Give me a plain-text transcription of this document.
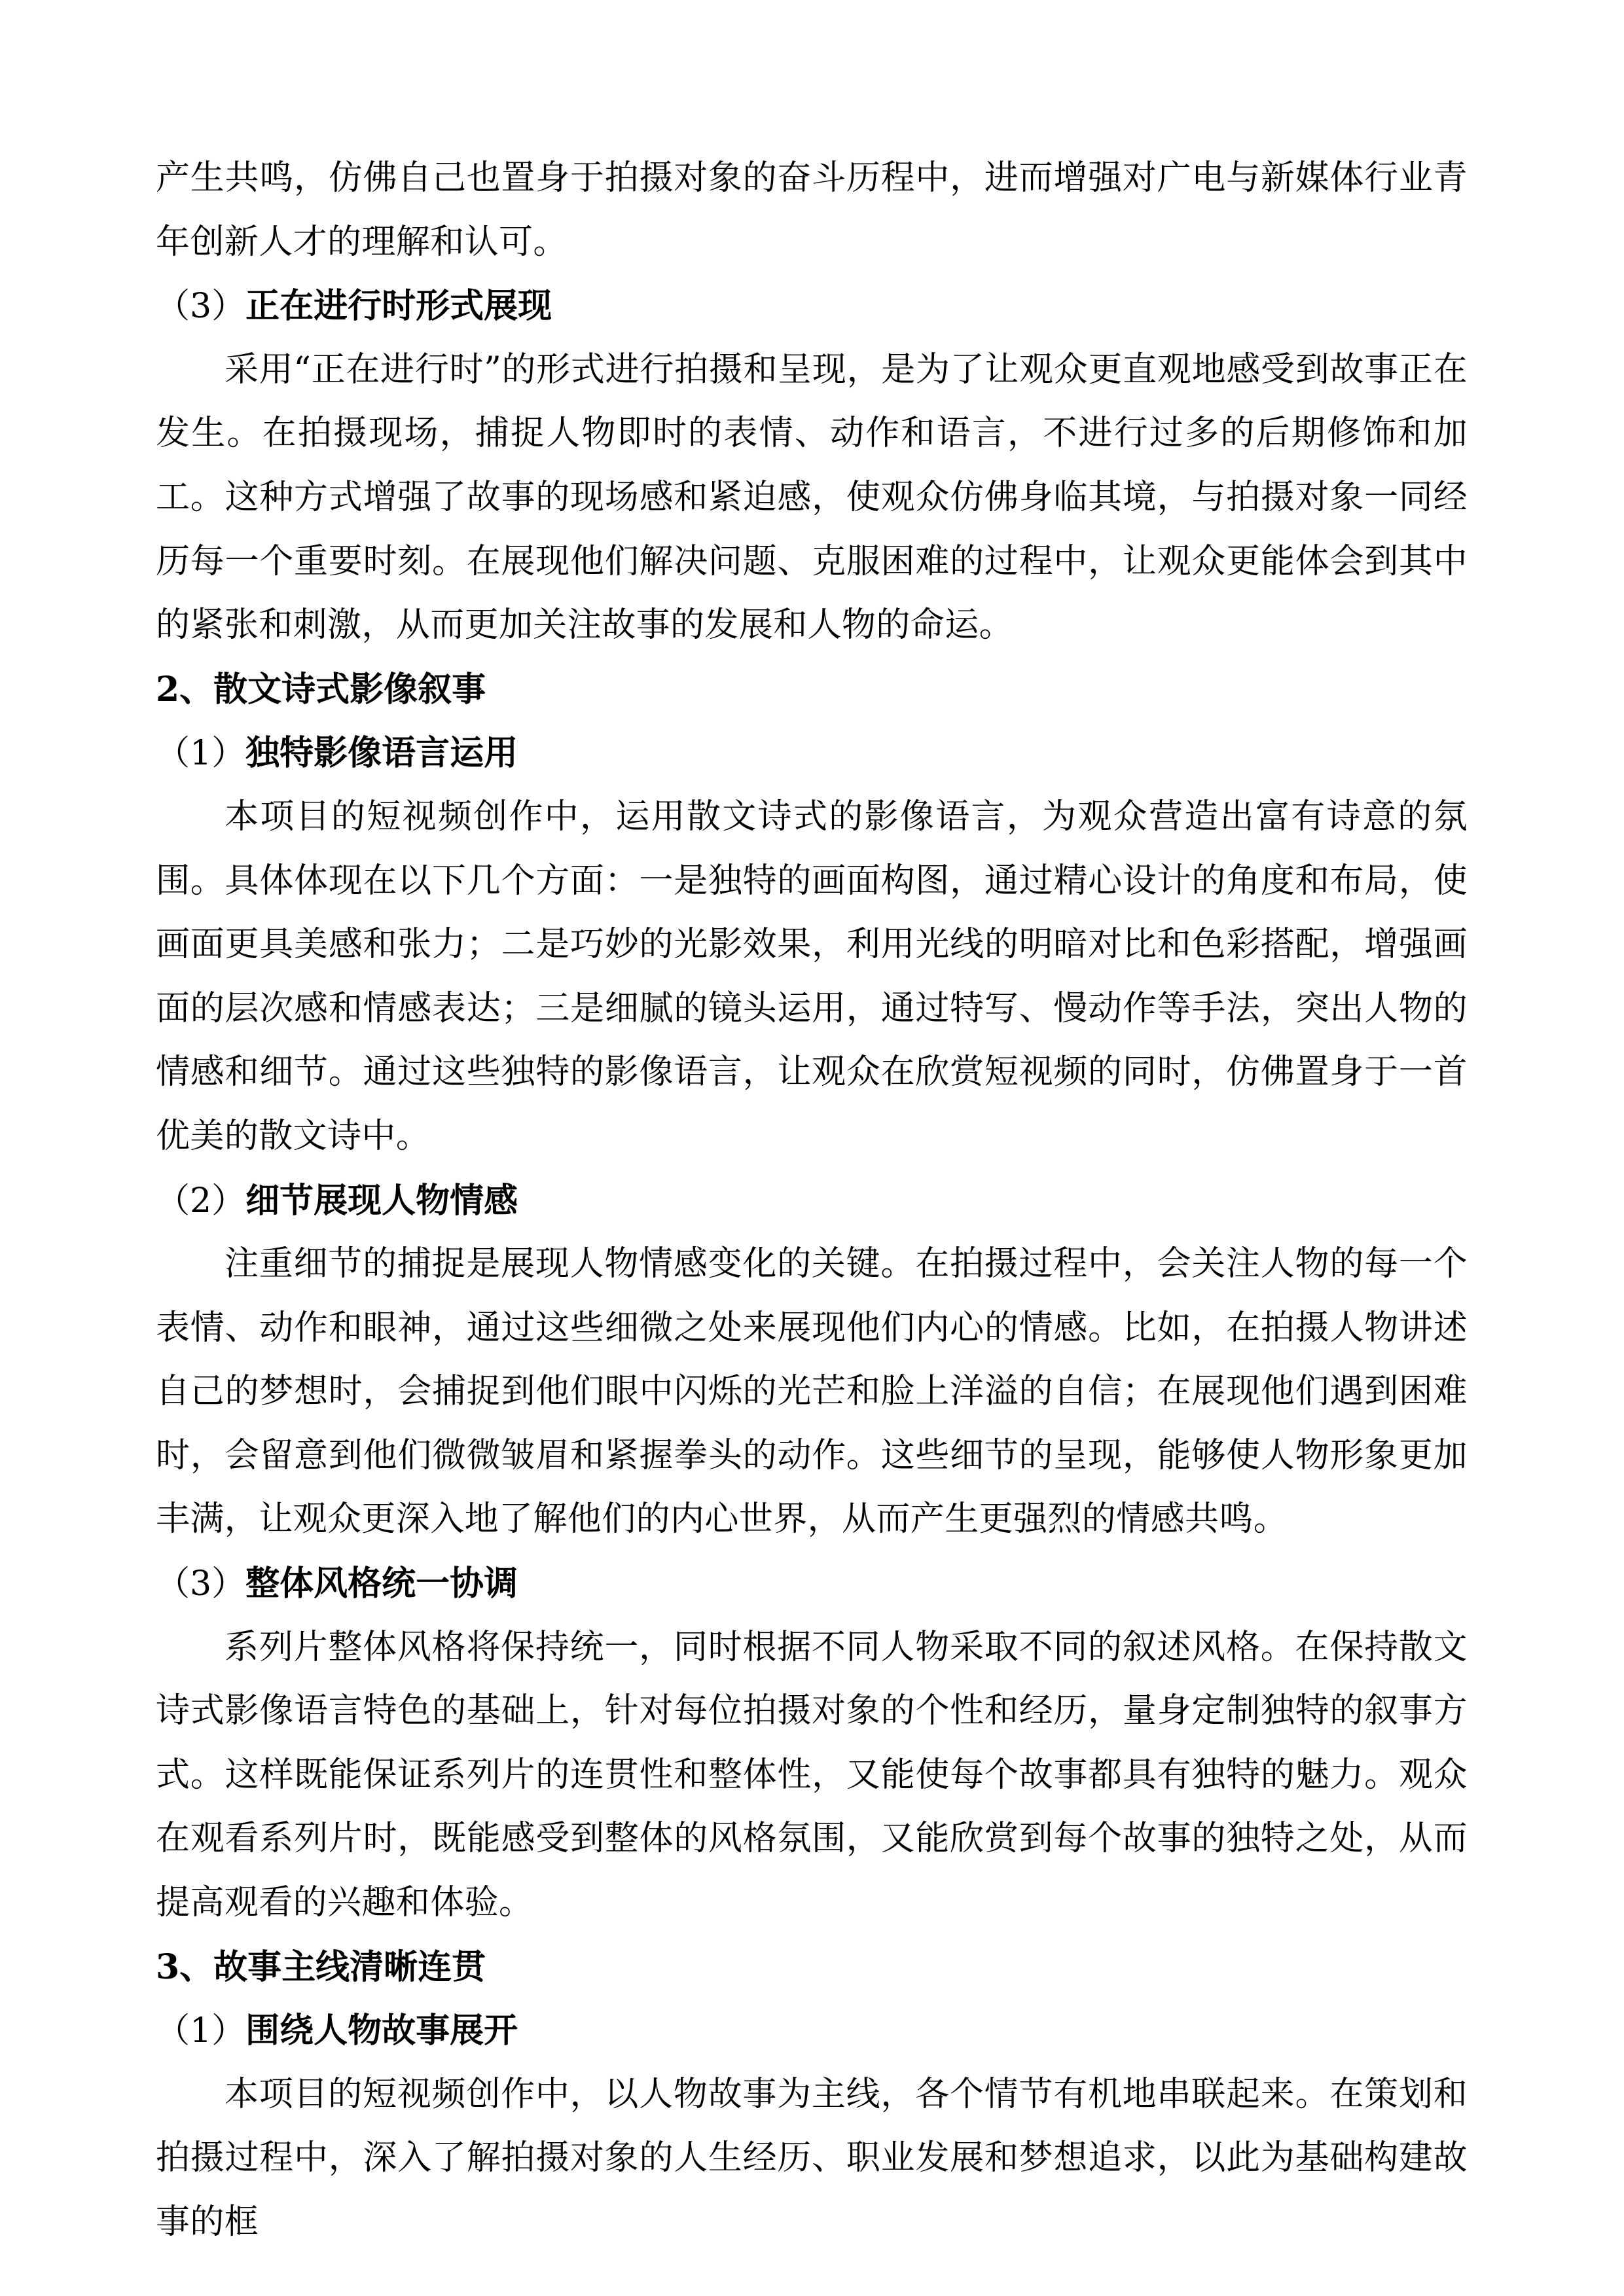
产生共鸣，仿佛自己也置身于拍摄对象的奋斗历程中，进而增强对广电与新媒体行业青年创新人才的理解和认可。

（3）正在进行时形式展现

采用“正在进行时”的形式进行拍摄和呈现，是为了让观众更直观地感受到故事正在发生。在拍摄现场，捕捉人物即时的表情、动作和语言，不进行过多的后期修饰和加工。这种方式增强了故事的现场感和紧迫感，使观众仿佛身临其境，与拍摄对象一同经历每一个重要时刻。在展现他们解决问题、克服困难的过程中，让观众更能体会到其中的紧张和刺激，从而更加关注故事的发展和人物的命运。

2、散文诗式影像叙事
（1）独特影像语言运用

本项目的短视频创作中，运用散文诗式的影像语言，为观众营造出富有诗意的氛围。具体体现在以下几个方面：一是独特的画面构图，通过精心设计的角度和布局，使画面更具美感和张力；二是巧妙的光影效果，利用光线的明暗对比和色彩搭配，增强画面的层次感和情感表达；三是细腻的镜头运用，通过特写、慢动作等手法，突出人物的情感和细节。通过这些独特的影像语言，让观众在欣赏短视频的同时，仿佛置身于一首优美的散文诗中。

（2）细节展现人物情感

注重细节的捕捉是展现人物情感变化的关键。在拍摄过程中，会关注人物的每一个表情、动作和眼神，通过这些细微之处来展现他们内心的情感。比如，在拍摄人物讲述自己的梦想时，会捕捉到他们眼中闪烁的光芒和脸上洋溢的自信；在展现他们遇到困难时，会留意到他们微微皱眉和紧握拳头的动作。这些细节的呈现，能够使人物形象更加丰满，让观众更深入地了解他们的内心世界，从而产生更强烈的情感共鸣。

（3）整体风格统一协调

系列片整体风格将保持统一，同时根据不同人物采取不同的叙述风格。在保持散文诗式影像语言特色的基础上，针对每位拍摄对象的个性和经历，量身定制独特的叙事方式。这样既能保证系列片的连贯性和整体性，又能使每个故事都具有独特的魅力。观众在观看系列片时，既能感受到整体的风格氛围，又能欣赏到每个故事的独特之处，从而提高观看的兴趣和体验。

3、故事主线清晰连贯
（1）围绕人物故事展开

本项目的短视频创作中，以人物故事为主线，各个情节有机地串联起来。在策划和拍摄过程中，深入了解拍摄对象的人生经历、职业发展和梦想追求，以此为基础构建故事的框
